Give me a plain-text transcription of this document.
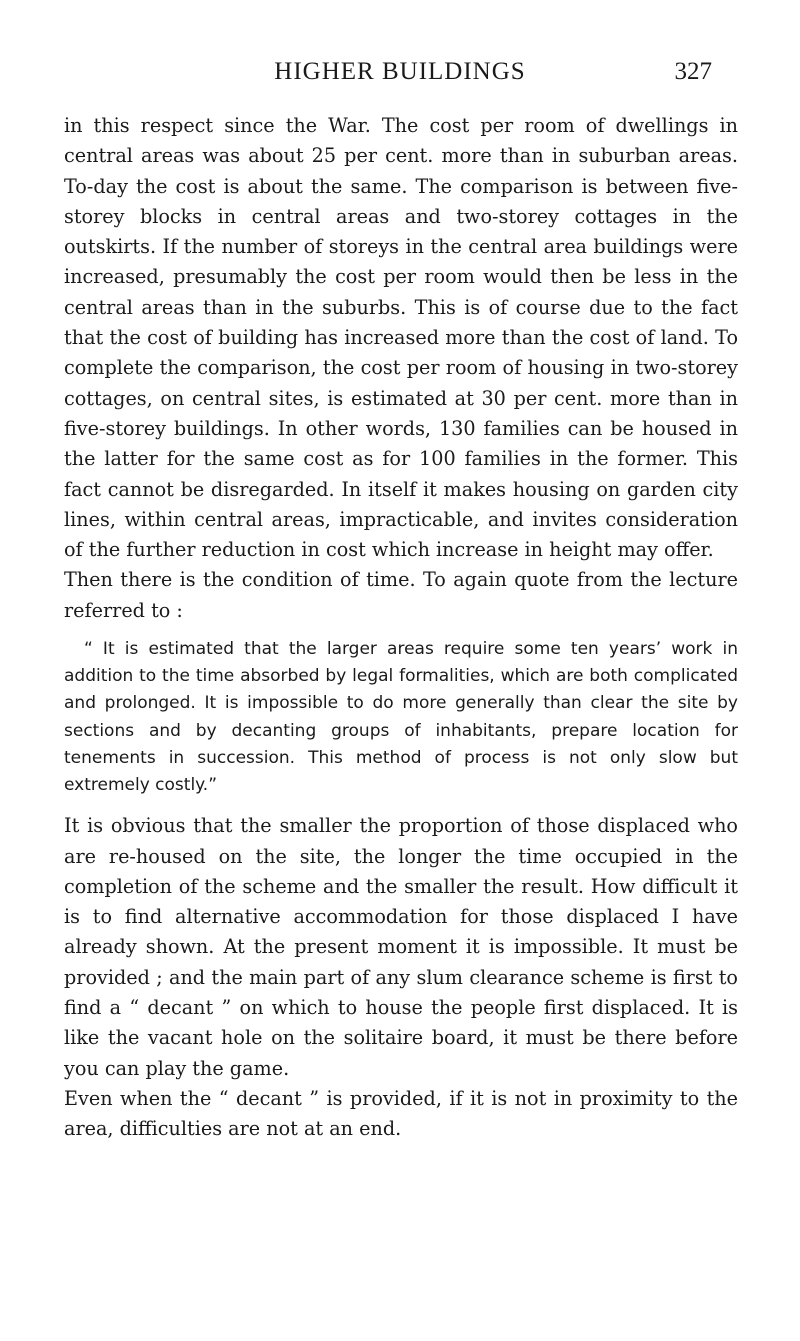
HIGHER BUILDINGS	327

in this respect since the War. The cost per room of dwellings in central areas was about 25 per cent. more than in suburban areas. To-day the cost is about the same. The comparison is between five-storey blocks in central areas and two-storey cottages in the outskirts. If the number of storeys in the central area buildings were increased, presumably the cost per room would then be less in the central areas than in the suburbs. This is of course due to the fact that the cost of building has increased more than the cost of land. To complete the comparison, the cost per room of housing in two-storey cottages, on central sites, is estimated at 30 per cent. more than in five-storey buildings. In other words, 130 families can be housed in the latter for the same cost as for 100 families in the former. This fact cannot be disregarded. In itself it makes housing on garden city lines, within central areas, impracticable, and invites consideration of the further reduction in cost which increase in height may offer.

Then there is the condition of time. To again quote from the lecture referred to :

“ It is estimated that the larger areas require some ten years’ work in addition to the time absorbed by legal formalities, which are both complicated and prolonged. It is impossible to do more generally than clear the site by sections and by decanting groups of inhabitants, prepare location for tenements in succession. This method of process is not only slow but extremely costly.”

It is obvious that the smaller the proportion of those displaced who are re-housed on the site, the longer the time occupied in the completion of the scheme and the smaller the result. How difficult it is to find alternative accommodation for those displaced I have already shown. At the present moment it is impossible. It must be provided ; and the main part of any slum clearance scheme is first to find a “ decant ” on which to house the people first displaced. It is like the vacant hole on the solitaire board, it must be there before you can play the game.

Even when the “ decant ” is provided, if it is not in proximity to the area, difficulties are not at an end.
